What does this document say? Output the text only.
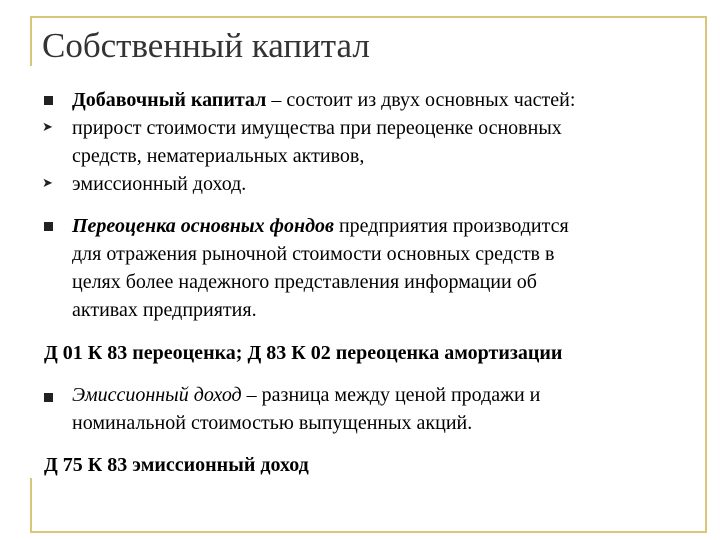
Собственный капитал
Добавочный капитал – состоит из двух основных частей:
➤ прирост стоимости имущества при переоценке основных
средств, нематериальных активов,
➤ эмиссионный доход.
Переоценка основных фондов предприятия производится
для отражения рыночной стоимости основных средств в
целях более надежного представления информации об
активах предприятия.
Д 01 К 83 переоценка; Д 83 К 02 переоценка амортизации
Эмиссионный доход – разница между ценой продажи и
номинальной стоимостью выпущенных акций.
Д 75 К 83 эмиссионный доход
